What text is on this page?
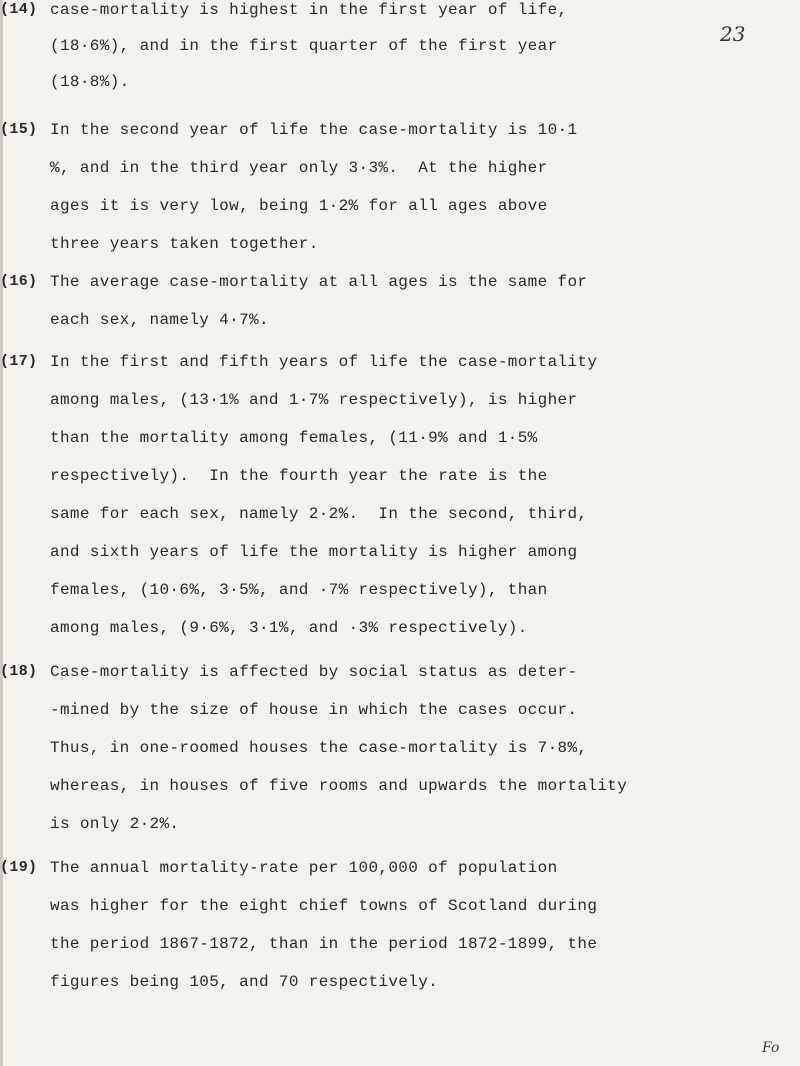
23
(14) case-mortality is highest in the first year of life,
(18·6%), and in the first quarter of the first year
(18·8%).
(15) In the second year of life the case-mortality is 10·1
%, and in the third year only 3·3%.  At the higher
ages it is very low, being 1·2% for all ages above
three years taken together.
(16) The average case-mortality at all ages is the same for
each sex, namely 4·7%.
(17) In the first and fifth years of life the case-mortality
among males, (13·1% and 1·7% respectively), is higher
than the mortality among females, (11·9% and 1·5%
respectively).  In the fourth year the rate is the
same for each sex, namely 2·2%.  In the second, third,
and sixth years of life the mortality is higher among
females, (10·6%, 3·5%, and ·7% respectively), than
among males, (9·6%, 3·1%, and ·3% respectively).
(18) Case-mortality is affected by social status as deter-
-mined by the size of house in which the cases occur.
Thus, in one-roomed houses the case-mortality is 7·8%,
whereas, in houses of five rooms and upwards the mortality
is only 2·2%.
(19) The annual mortality-rate per 100,000 of population
was higher for the eight chief towns of Scotland during
the period 1867-1872, than in the period 1872-1899, the
figures being 105, and 70 respectively.
Fo
